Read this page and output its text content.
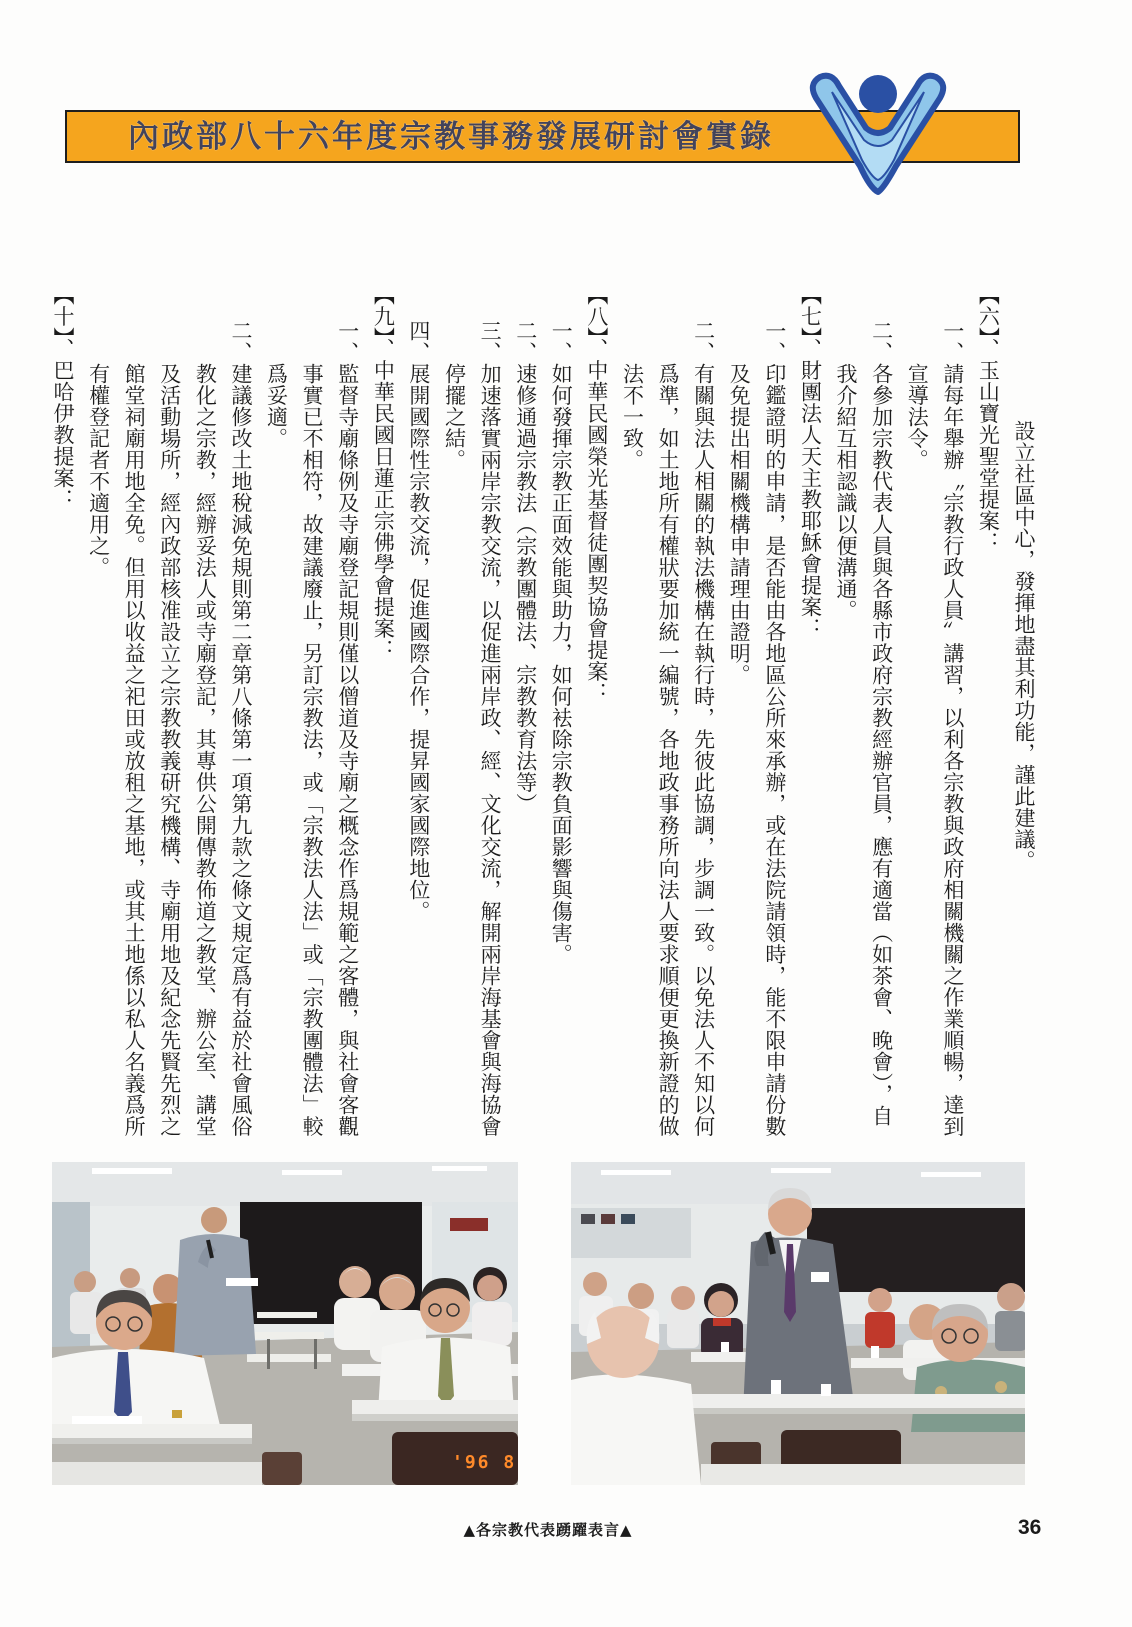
內政部八十六年度宗教事務發展研討會實錄

設立社區中心，發揮地盡其利功能，謹此建議。

【六】、玉山寶光聖堂提案：

一、請每年舉辦〝宗教行政人員〞講習，以利各宗教與政府相關機關之作業順暢，達到

宣導法令。

二、各參加宗教代表人員與各縣市政府宗教經辦官員，應有適當（如茶會、晚會），自

我介紹互相認識以便溝通。

【七】、財團法人天主教耶穌會提案：

一、印鑑證明的申請，是否能由各地區公所來承辦，或在法院請領時，能不限申請份數

及免提出相關機構申請理由證明。

二、有關與法人相關的執法機構在執行時，先彼此協調，步調一致。以免法人不知以何

爲準，如土地所有權狀要加統一編號，各地政事務所向法人要求順便更換新證的做

法不一致。

【八】、中華民國榮光基督徒團契協會提案：

一、如何發揮宗教正面效能與助力，如何袪除宗教負面影響與傷害。

二、速修通過宗教法（宗教團體法、宗教教育法等）

三、加速落實兩岸宗教交流，以促進兩岸政、經、文化交流，解開兩岸海基會與海協會

停擺之結。

四、展開國際性宗教交流，促進國際合作，提昇國家國際地位。

【九】、中華民國日蓮正宗佛學會提案：

一、監督寺廟條例及寺廟登記規則僅以僧道及寺廟之概念作爲規範之客體，與社會客觀

事實已不相符，故建議廢止，另訂宗教法，或「宗教法人法」或「宗教團體法」較

爲妥適。

二、建議修改土地稅減免規則第二章第八條第一項第九款之條文規定爲有益於社會風俗

教化之宗教，經辦妥法人或寺廟登記，其專供公開傳教佈道之教堂、辦公室、講堂

及活動場所，經內政部核准設立之宗教教義研究機構、寺廟用地及紀念先賢先烈之

館堂祠廟用地全免。但用以收益之祀田或放租之基地，或其土地係以私人名義爲所

有權登記者不適用之。

【十】、巴哈伊教提案：

'96 8
▲各宗教代表踴躍表言▲	36
